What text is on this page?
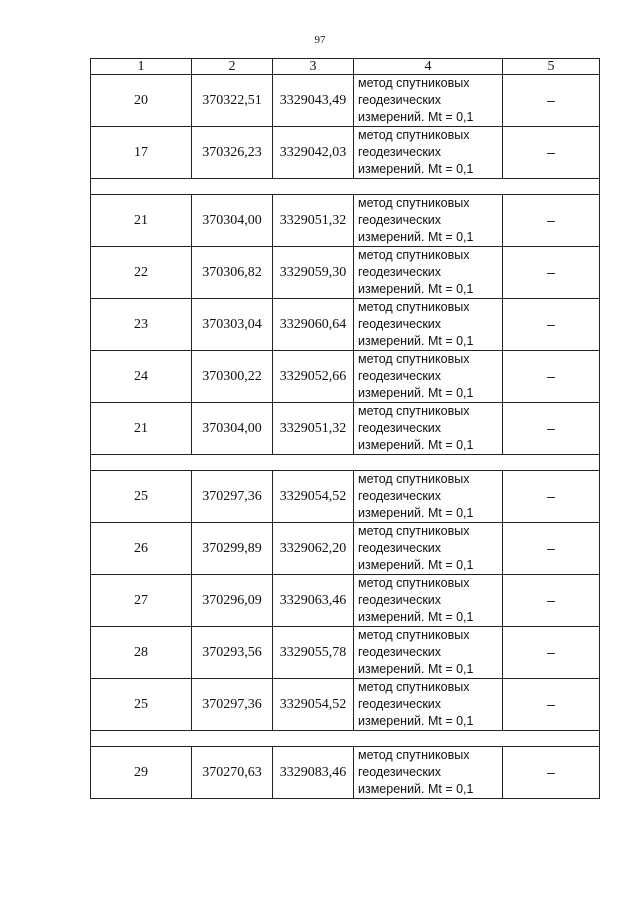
97
1	2	3	4	5
20	370322,51	3329043,49	метод спутниковых
геодезических
измерений. Mt = 0,1	–
17	370326,23	3329042,03	метод спутниковых
геодезических
измерений. Mt = 0,1	–

21	370304,00	3329051,32	метод спутниковых
геодезических
измерений. Mt = 0,1	–
22	370306,82	3329059,30	метод спутниковых
геодезических
измерений. Mt = 0,1	–
23	370303,04	3329060,64	метод спутниковых
геодезических
измерений. Mt = 0,1	–
24	370300,22	3329052,66	метод спутниковых
геодезических
измерений. Mt = 0,1	–
21	370304,00	3329051,32	метод спутниковых
геодезических
измерений. Mt = 0,1	–

25	370297,36	3329054,52	метод спутниковых
геодезических
измерений. Mt = 0,1	–
26	370299,89	3329062,20	метод спутниковых
геодезических
измерений. Mt = 0,1	–
27	370296,09	3329063,46	метод спутниковых
геодезических
измерений. Mt = 0,1	–
28	370293,56	3329055,78	метод спутниковых
геодезических
измерений. Mt = 0,1	–
25	370297,36	3329054,52	метод спутниковых
геодезических
измерений. Mt = 0,1	–

29	370270,63	3329083,46	метод спутниковых
геодезических
измерений. Mt = 0,1	–
